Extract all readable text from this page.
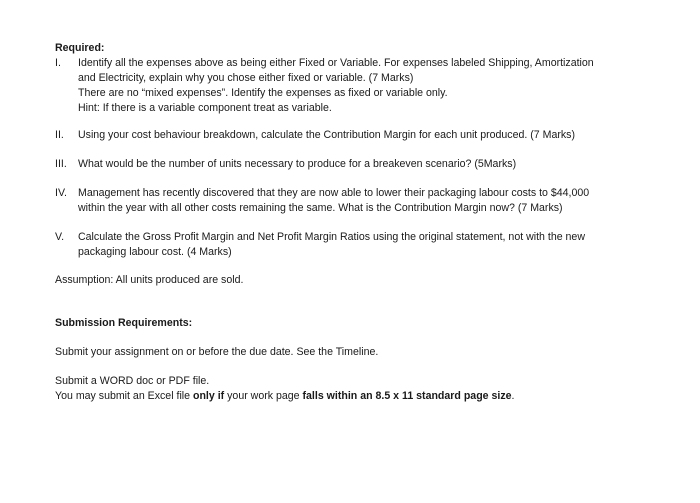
Required:

I.	Identify all the expenses above as being either Fixed or Variable. For expenses labeled Shipping, Amortization
and Electricity, explain why you chose either fixed or variable. (7 Marks)
There are no “mixed expenses”. Identify the expenses as fixed or variable only.
Hint: If there is a variable component treat as variable.
II.	Using your cost behaviour breakdown, calculate the Contribution Margin for each unit produced. (7 Marks)
III.	What would be the number of units necessary to produce for a breakeven scenario? (5Marks)
IV.	Management has recently discovered that they are now able to lower their packaging labour costs to $44,000
within the year with all other costs remaining the same. What is the Contribution Margin now? (7 Marks)
V.	Calculate the Gross Profit Margin and Net Profit Margin Ratios using the original statement, not with the new
packaging labour cost. (4 Marks)

Assumption: All units produced are sold.

Submission Requirements:

Submit your assignment on or before the due date. See the Timeline.

Submit a WORD doc or PDF file.

You may submit an Excel file only if your work page falls within an 8.5 x 11 standard page size.
